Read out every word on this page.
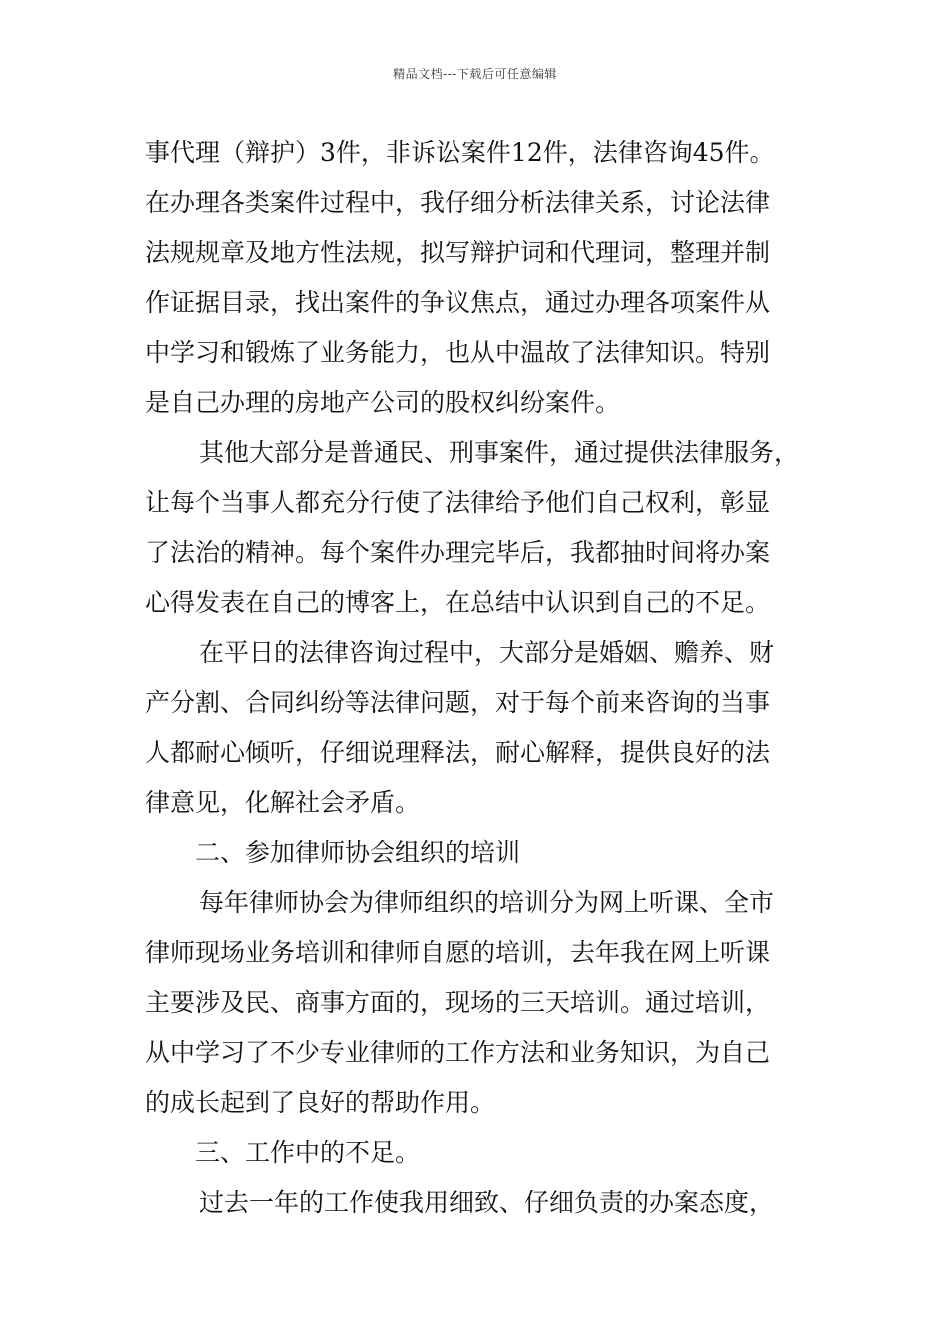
精品文档---下载后可任意编辑
事代理（辩护）3件，非诉讼案件12件，法律咨询45件。
在办理各类案件过程中，我仔细分析法律关系，讨论法律
法规规章及地方性法规，拟写辩护词和代理词，整理并制
作证据目录，找出案件的争议焦点，通过办理各项案件从
中学习和锻炼了业务能力，也从中温故了法律知识。特别
是自己办理的房地产公司的股权纠纷案件。
其他大部分是普通民、刑事案件，通过提供法律服务，
让每个当事人都充分行使了法律给予他们自己权利，彰显
了法治的精神。每个案件办理完毕后，我都抽时间将办案
心得发表在自己的博客上，在总结中认识到自己的不足。
在平日的法律咨询过程中，大部分是婚姻、赡养、财
产分割、合同纠纷等法律问题，对于每个前来咨询的当事
人都耐心倾听，仔细说理释法，耐心解释，提供良好的法
律意见，化解社会矛盾。
二、参加律师协会组织的培训
每年律师协会为律师组织的培训分为网上听课、全市
律师现场业务培训和律师自愿的培训，去年我在网上听课
主要涉及民、商事方面的，现场的三天培训。通过培训，
从中学习了不少专业律师的工作方法和业务知识，为自己
的成长起到了良好的帮助作用。
三、工作中的不足。
过去一年的工作使我用细致、仔细负责的办案态度，
